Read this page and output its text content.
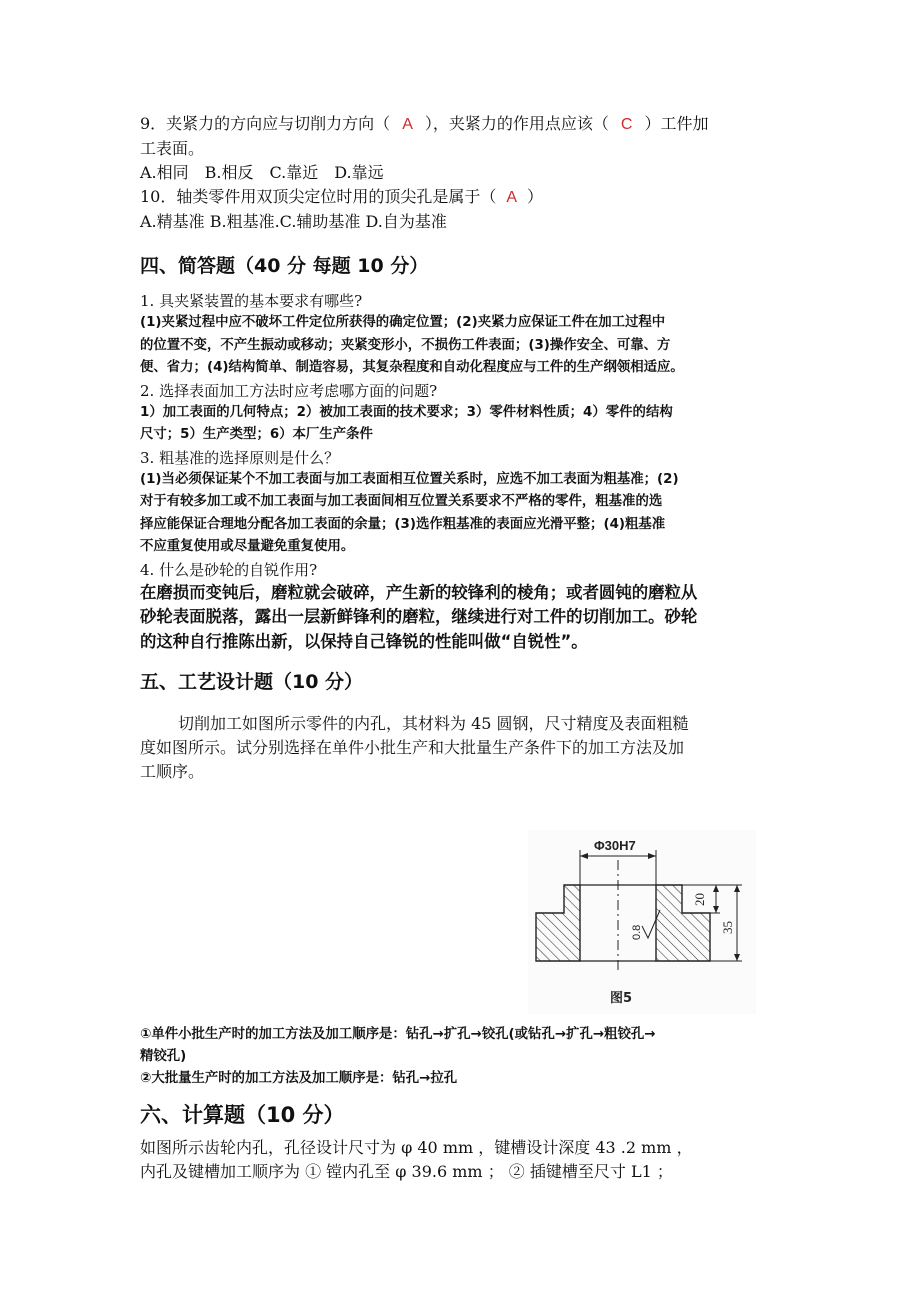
9．夹紧力的方向应与切削力方向（ A ），夹紧力的作用点应该（ C ）工件加
工表面。
A.相同　B.相反　C.靠近　D.靠远
10．轴类零件用双顶尖定位时用的顶尖孔是属于（ A ）
A.精基准 B.粗基准.C.辅助基准 D.自为基准
四、简答题（40 分 每题 10 分）
1. 具夹紧装置的基本要求有哪些?
(1)夹紧过程中应不破坏工件定位所获得的确定位置；(2)夹紧力应保证工件在加工过程中
的位置不变，不产生振动或移动；夹紧变形小，不损伤工件表面；(3)操作安全、可靠、方
便、省力；(4)结构简单、制造容易，其复杂程度和自动化程度应与工件的生产纲领相适应。
2. 选择表面加工方法时应考虑哪方面的问题?
1）加工表面的几何特点；2）被加工表面的技术要求；3）零件材料性质；4）零件的结构
尺寸；5）生产类型；6）本厂生产条件
3. 粗基准的选择原则是什么？
(1)当必须保证某个不加工表面与加工表面相互位置关系时，应选不加工表面为粗基准；(2)
对于有较多加工或不加工表面与加工表面间相互位置关系要求不严格的零件，粗基准的选
择应能保证合理地分配各加工表面的余量；(3)选作粗基准的表面应光滑平整；(4)粗基准
不应重复使用或尽量避免重复使用。
4. 什么是砂轮的自锐作用?
在磨损而变钝后，磨粒就会破碎，产生新的较锋利的棱角；或者圆钝的磨粒从
砂轮表面脱落，露出一层新鲜锋利的磨粒，继续进行对工件的切削加工。砂轮
的这种自行推陈出新，以保持自己锋锐的性能叫做“自锐性”。
五、工艺设计题（10 分）
切削加工如图所示零件的内孔，其材料为 45 圆钢，尺寸精度及表面粗糙
度如图所示。试分别选择在单件小批生产和大批量生产条件下的加工方法及加
工顺序。
Φ30H7
20
35
0.8
图5
①单件小批生产时的加工方法及加工顺序是：钻孔→扩孔→铰孔(或钻孔→扩孔→粗铰孔→
精铰孔)
②大批量生产时的加工方法及加工顺序是：钻孔→拉孔
六、计算题（10 分）
如图所示齿轮内孔，孔径设计尺寸为 φ 40 mm ，键槽设计深度 43 .2 mm ，
内孔及键槽加工顺序为 ① 镗内孔至 φ 39.6 mm ； ② 插键槽至尺寸 L1 ；
